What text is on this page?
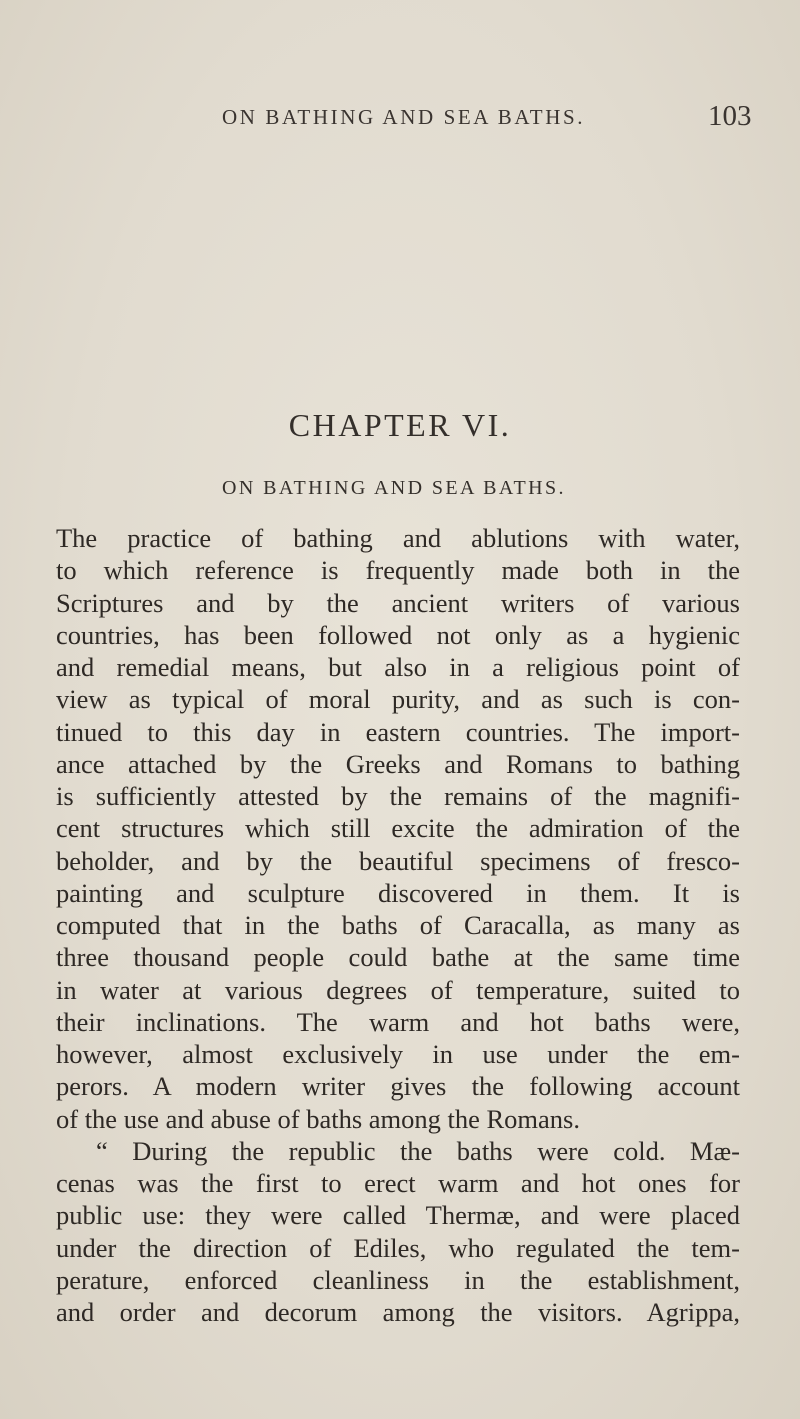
ON BATHING AND SEA BATHS.	103
CHAPTER VI.
ON BATHING AND SEA BATHS.

The practice of bathing and ablutions with water,
to which reference is frequently made both in the
Scriptures and by the ancient writers of various
countries, has been followed not only as a hygienic
and remedial means, but also in a religious point of
view as typical of moral purity, and as such is con-
tinued to this day in eastern countries. The import-
ance attached by the Greeks and Romans to bathing
is sufficiently attested by the remains of the magnifi-
cent structures which still excite the admiration of the
beholder, and by the beautiful specimens of fresco-
painting and sculpture discovered in them. It is
computed that in the baths of Caracalla, as many as
three thousand people could bathe at the same time
in water at various degrees of temperature, suited to
their inclinations. The warm and hot baths were,
however, almost exclusively in use under the em-
perors. A modern writer gives the following account
of the use and abuse of baths among the Romans.

“ During the republic the baths were cold. Mæ-

cenas was the first to erect warm and hot ones for
public use: they were called Thermæ, and were placed
under the direction of Ediles, who regulated the tem-
perature, enforced cleanliness in the establishment,
and order and decorum among the visitors. Agrippa,
